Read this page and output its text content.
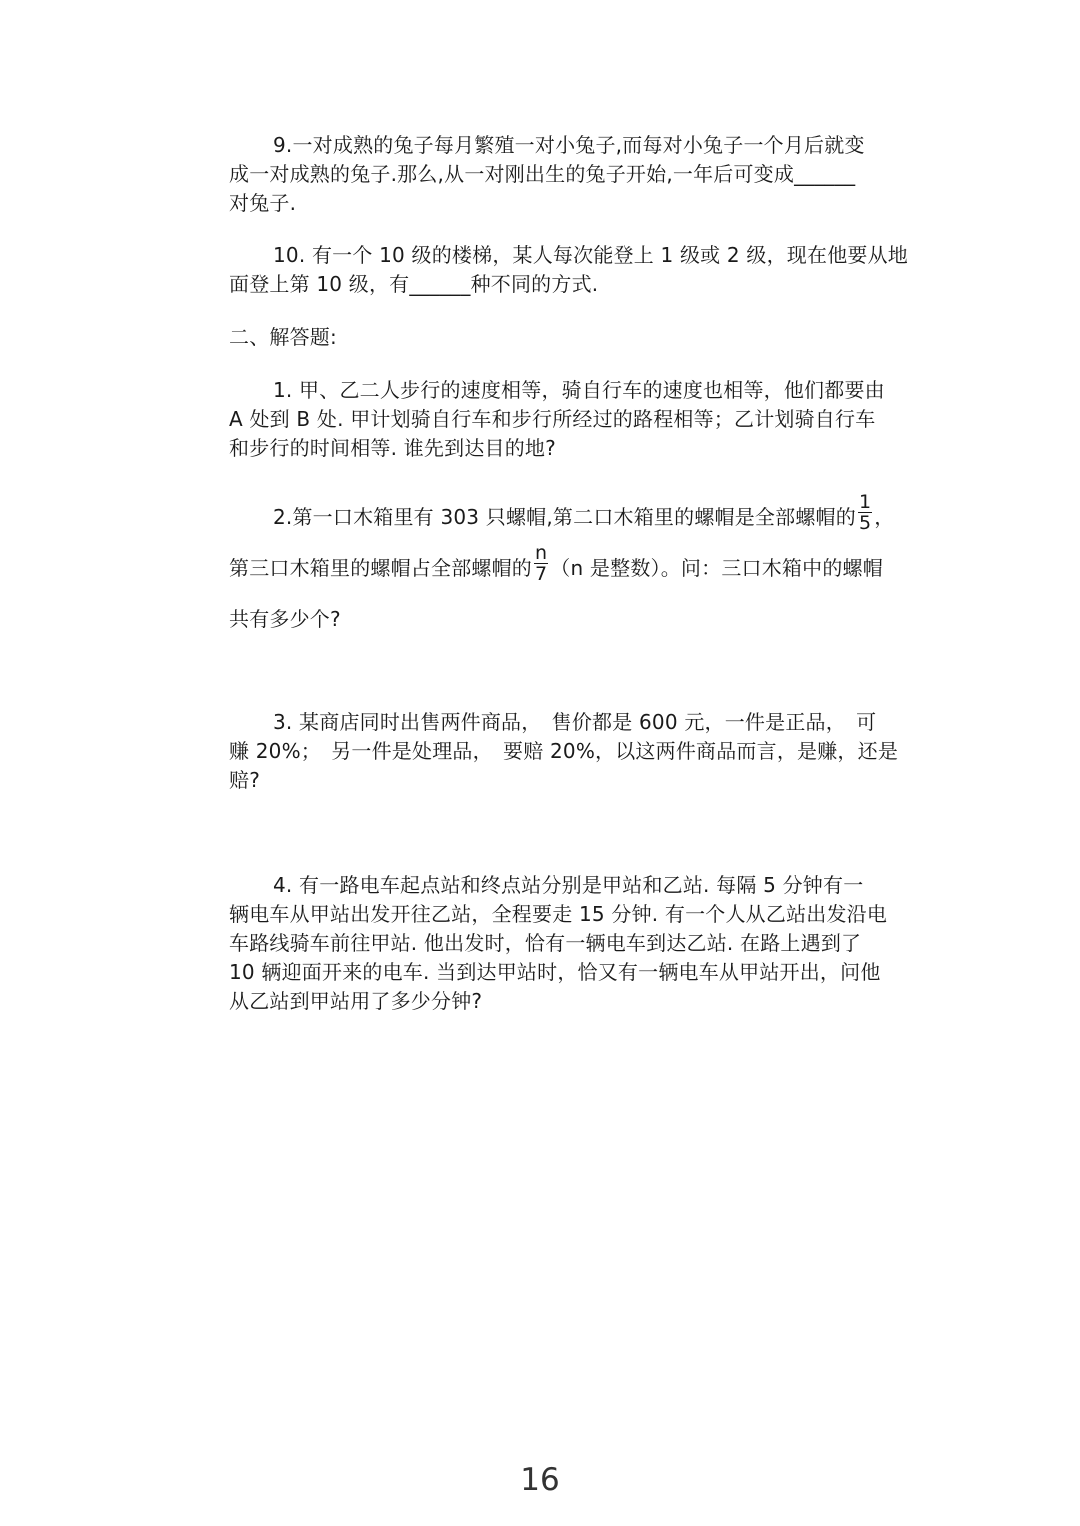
9.一对成熟的兔子每月繁殖一对小兔子,而每对小兔子一个月后就变
成一对成熟的兔子.那么,从一对刚出生的兔子开始,一年后可变成______
对兔子.
10. 有一个 10 级的楼梯，某人每次能登上 1 级或 2 级，现在他要从地
面登上第 10 级，有______种不同的方式.
二、解答题:
1. 甲、乙二人步行的速度相等，骑自行车的速度也相等，他们都要由
A 处到 B 处. 甲计划骑自行车和步行所经过的路程相等；乙计划骑自行车
和步行的时间相等. 谁先到达目的地?
2.第一口木箱里有 303 只螺帽,第二口木箱里的螺帽是全部螺帽的 $\frac{1}{5}$ ，
第三口木箱里的螺帽占全部螺帽的 $\frac{n}{7} (n$ 是整数）。问：三口木箱中的螺帽
共有多少个?
3. 某商店同时出售两件商品，　售价都是 600 元，一件是正品，　可
赚 20%；　另一件是处理品，　要赔 20%，以这两件商品而言，是赚，还是
赔?
4. 有一路电车起点站和终点站分别是甲站和乙站. 每隔 5 分钟有一
辆电车从甲站出发开往乙站，全程要走 15 分钟. 有一个人从乙站出发沿电
车路线骑车前往甲站. 他出发时，恰有一辆电车到达乙站. 在路上遇到了
10 辆迎面开来的电车. 当到达甲站时，恰又有一辆电车从甲站开出，问他
从乙站到甲站用了多少分钟?
16
